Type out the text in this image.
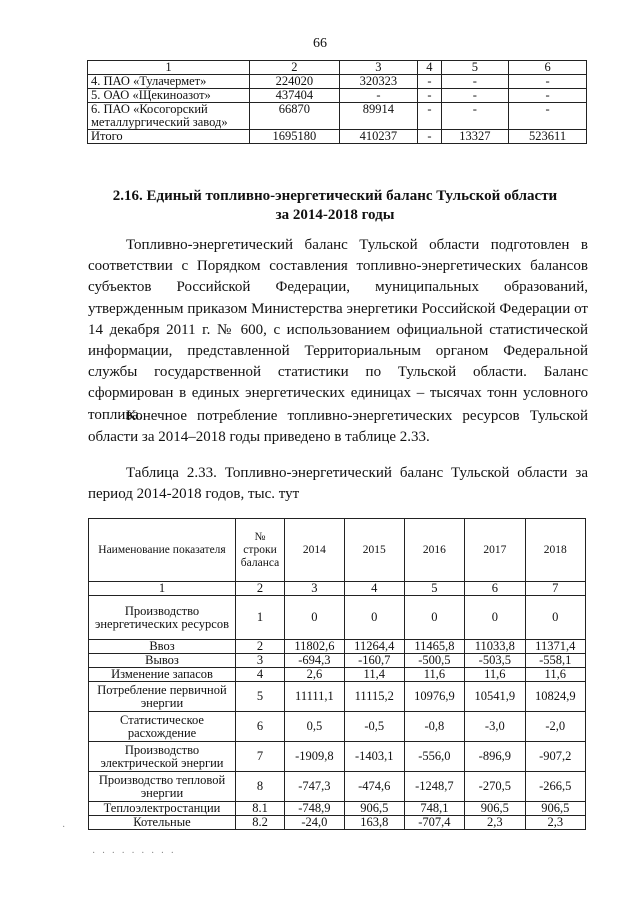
66
1	2	3	4	5	6
4. ПАО «Тулачермет»	224020	320323	-	-	-
5. ОАО «Щекиноазот»	437404	-	-	-	-
6. ПАО «Косогорский металлургический завод»	66870	89914	-	-	-
Итого	1695180	410237	-	13327	523611
2.16. Единый топливно-энергетический баланс Тульской области
за 2014-2018 годы
Топливно-энергетический баланс Тульской области подготовлен в соответствии с Порядком составления топливно-энергетических балансов субъектов Российской Федерации, муниципальных образований, утвержденным приказом Министерства энергетики Российской Федерации от 14 декабря 2011 г. № 600, с использованием официальной статистической информации, представленной Территориальным органом Федеральной службы государственной статистики по Тульской области. Баланс сформирован в единых энергетических единицах – тысячах тонн условного топлива.
Конечное потребление топливно-энергетических ресурсов Тульской области за 2014–2018 годы приведено в таблице 2.33.
Таблица 2.33. Топливно-энергетический баланс Тульской области за период 2014-2018 годов, тыс. тут
Наименование показателя	№ строки баланса	2014	2015	2016	2017	2018
1	2	3	4	5	6	7
Производство энергетических ресурсов	1	0	0	0	0	0
Ввоз	2	11802,6	11264,4	11465,8	11033,8	11371,4
Вывоз	3	-694,3	-160,7	-500,5	-503,5	-558,1
Изменение запасов	4	2,6	11,4	11,6	11,6	11,6
Потребление первичной энергии	5	11111,1	11115,2	10976,9	10541,9	10824,9
Статистическое расхождение	6	0,5	-0,5	-0,8	-3,0	-2,0
Производство электрической энергии	7	-1909,8	-1403,1	-556,0	-896,9	-907,2
Производство тепловой энергии	8	-747,3	-474,6	-1248,7	-270,5	-266,5
Теплоэлектростанции	8.1	-748,9	906,5	748,1	906,5	906,5
Котельные	8.2	-24,0	163,8	-707,4	2,3	2,3
· · · · · · · · ·
·
